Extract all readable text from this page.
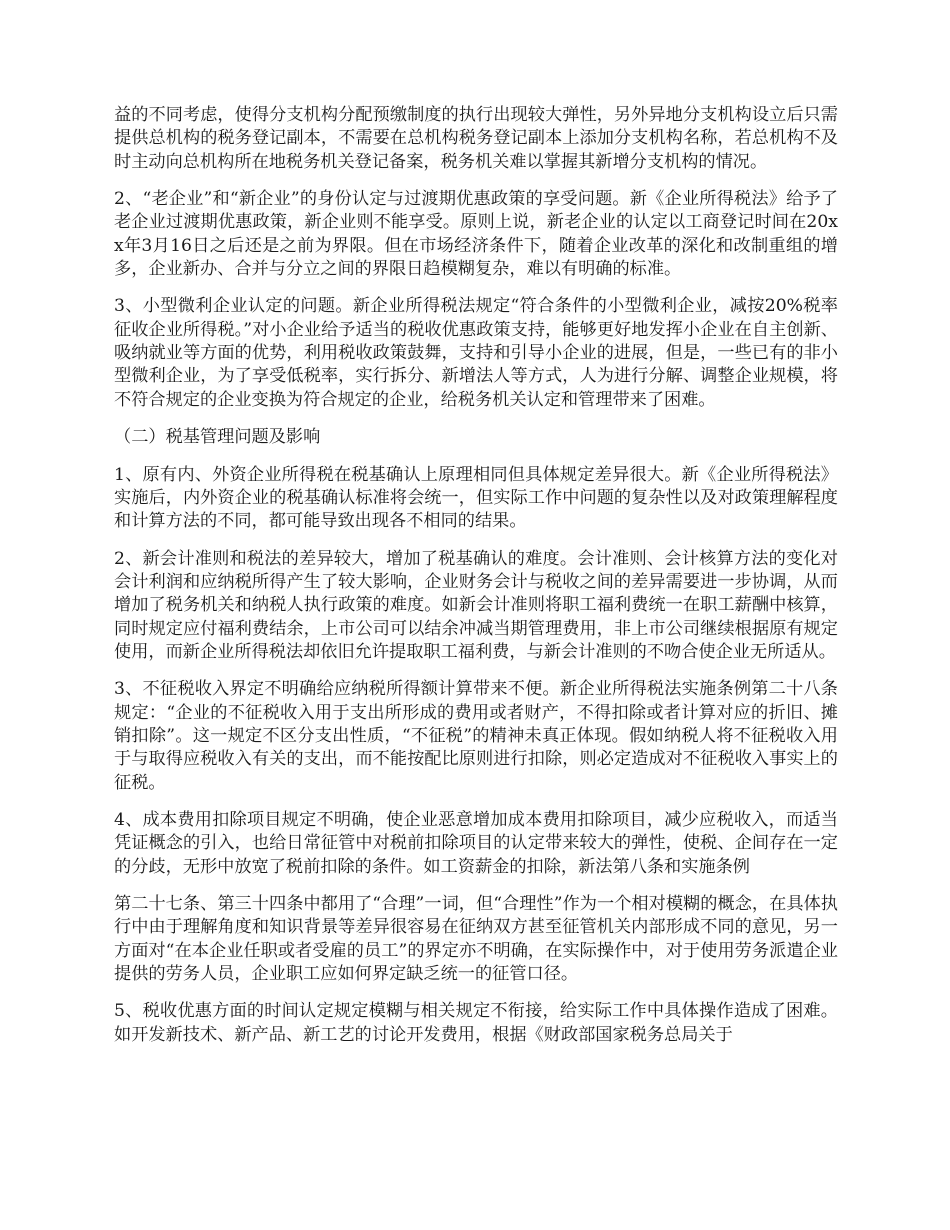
益的不同考虑，使得分支机构分配预缴制度的执行出现较大弹性，另外异地分支机构设立后只需提供总机构的税务登记副本，不需要在总机构税务登记副本上添加分支机构名称，若总机构不及时主动向总机构所在地税务机关登记备案，税务机关难以掌握其新增分支机构的情况。

2、“老企业”和“新企业”的身份认定与过渡期优惠政策的享受问题。新《企业所得税法》给予了老企业过渡期优惠政策，新企业则不能享受。原则上说，新老企业的认定以工商登记时间在20xx年3月16日之后还是之前为界限。但在市场经济条件下，随着企业改革的深化和改制重组的增多，企业新办、合并与分立之间的界限日趋模糊复杂，难以有明确的标准。

3、小型微利企业认定的问题。新企业所得税法规定“符合条件的小型微利企业，减按20%税率征收企业所得税。”对小企业给予适当的税收优惠政策支持，能够更好地发挥小企业在自主创新、吸纳就业等方面的优势，利用税收政策鼓舞，支持和引导小企业的进展，但是，一些已有的非小型微利企业，为了享受低税率，实行拆分、新增法人等方式，人为进行分解、调整企业规模，将不符合规定的企业变换为符合规定的企业，给税务机关认定和管理带来了困难。

（二）税基管理问题及影响

1、原有内、外资企业所得税在税基确认上原理相同但具体规定差异很大。新《企业所得税法》实施后，内外资企业的税基确认标准将会统一，但实际工作中问题的复杂性以及对政策理解程度和计算方法的不同，都可能导致出现各不相同的结果。

2、新会计准则和税法的差异较大，增加了税基确认的难度。会计准则、会计核算方法的变化对会计利润和应纳税所得产生了较大影响，企业财务会计与税收之间的差异需要进一步协调，从而增加了税务机关和纳税人执行政策的难度。如新会计准则将职工福利费统一在职工薪酬中核算，同时规定应付福利费结余，上市公司可以结余冲减当期管理费用，非上市公司继续根据原有规定使用，而新企业所得税法却依旧允许提取职工福利费，与新会计准则的不吻合使企业无所适从。

3、不征税收入界定不明确给应纳税所得额计算带来不便。新企业所得税法实施条例第二十八条规定：“企业的不征税收入用于支出所形成的费用或者财产，不得扣除或者计算对应的折旧、摊销扣除”。这一规定不区分支出性质，“不征税”的精神未真正体现。假如纳税人将不征税收入用于与取得应税收入有关的支出，而不能按配比原则进行扣除，则必定造成对不征税收入事实上的征税。

4、成本费用扣除项目规定不明确，使企业恶意增加成本费用扣除项目，减少应税收入，而适当凭证概念的引入，也给日常征管中对税前扣除项目的认定带来较大的弹性，使税、企间存在一定的分歧，无形中放宽了税前扣除的条件。如工资薪金的扣除，新法第八条和实施条例

第二十七条、第三十四条中都用了“合理”一词，但“合理性”作为一个相对模糊的概念，在具体执行中由于理解角度和知识背景等差异很容易在征纳双方甚至征管机关内部形成不同的意见，另一方面对“在本企业任职或者受雇的员工”的界定亦不明确，在实际操作中，对于使用劳务派遣企业提供的劳务人员，企业职工应如何界定缺乏统一的征管口径。

5、税收优惠方面的时间认定规定模糊与相关规定不衔接，给实际工作中具体操作造成了困难。如开发新技术、新产品、新工艺的讨论开发费用，根据《财政部国家税务总局关于
